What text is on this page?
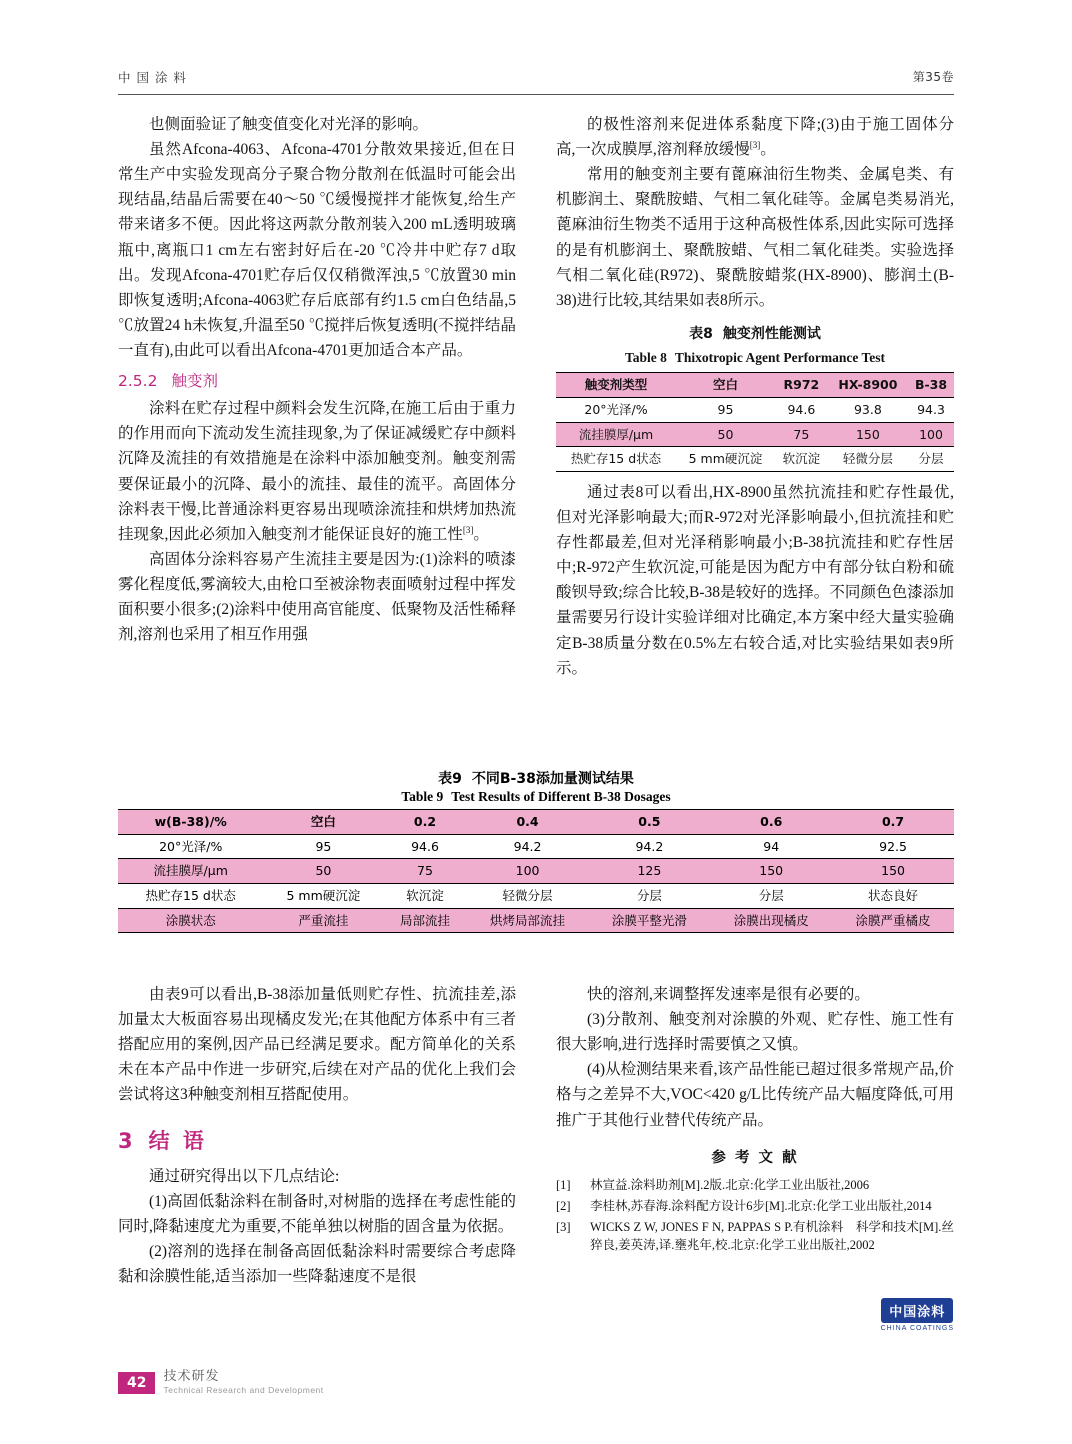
中 国 涂 料	第35卷

也侧面验证了触变值变化对光泽的影响。

虽然Afcona-4063、Afcona-4701分散效果接近,但在日常生产中实验发现高分子聚合物分散剂在低温时可能会出现结晶,结晶后需要在40～50 ℃缓慢搅拌才能恢复,给生产带来诸多不便。因此将这两款分散剂装入200 mL透明玻璃瓶中,离瓶口1 cm左右密封好后在-20 ℃冷井中贮存7 d取出。发现Afcona-4701贮存后仅仅稍微浑浊,5 ℃放置30 min即恢复透明;Afcona-4063贮存后底部有约1.5 cm白色结晶,5 ℃放置24 h未恢复,升温至50 ℃搅拌后恢复透明(不搅拌结晶一直有),由此可以看出Afcona-4701更加适合本产品。

2.5.2 触变剂

涂料在贮存过程中颜料会发生沉降,在施工后由于重力的作用而向下流动发生流挂现象,为了保证减缓贮存中颜料沉降及流挂的有效措施是在涂料中添加触变剂。触变剂需要保证最小的沉降、最小的流挂、最佳的流平。高固体分涂料表干慢,比普通涂料更容易出现喷涂流挂和烘烤加热流挂现象,因此必须加入触变剂才能保证良好的施工性[3]。

高固体分涂料容易产生流挂主要是因为:(1)涂料的喷漆雾化程度低,雾滴较大,由枪口至被涂物表面喷射过程中挥发面积要小很多;(2)涂料中使用高官能度、低聚物及活性稀释剂,溶剂也采用了相互作用强

的极性溶剂来促进体系黏度下降;(3)由于施工固体分高,一次成膜厚,溶剂释放缓慢[3]。

常用的触变剂主要有蓖麻油衍生物类、金属皂类、有机膨润土、聚酰胺蜡、气相二氧化硅等。金属皂类易消光,蓖麻油衍生物类不适用于这种高极性体系,因此实际可选择的是有机膨润土、聚酰胺蜡、气相二氧化硅类。实验选择气相二氧化硅(R972)、聚酰胺蜡浆(HX-8900)、膨润土(B-38)进行比较,其结果如表8所示。

表8 触变剂性能测试
Table 8 Thixotropic Agent Performance Test
触变剂类型	空白	R972	HX-8900	B-38
20°光泽/%	95	94.6	93.8	94.3
流挂膜厚/μm	50	75	150	100
热贮存15 d状态	5 mm硬沉淀	软沉淀	轻微分层	分层

通过表8可以看出,HX-8900虽然抗流挂和贮存性最优,但对光泽影响最大;而R-972对光泽影响最小,但抗流挂和贮存性都最差,但对光泽稍影响最小;B-38抗流挂和贮存性居中;R-972产生软沉淀,可能是因为配方中有部分钛白粉和硫酸钡导致;综合比较,B-38是较好的选择。不同颜色色漆添加量需要另行设计实验详细对比确定,本方案中经大量实验确定B-38质量分数在0.5%左右较合适,对比实验结果如表9所示。

表9 不同B-38添加量测试结果
Table 9 Test Results of Different B-38 Dosages
w(B-38)/%	空白	0.2	0.4	0.5	0.6	0.7
20°光泽/%	95	94.6	94.2	94.2	94	92.5
流挂膜厚/μm	50	75	100	125	150	150
热贮存15 d状态	5 mm硬沉淀	软沉淀	轻微分层	分层	分层	状态良好
涂膜状态	严重流挂	局部流挂	烘烤局部流挂	涂膜平整光滑	涂膜出现橘皮	涂膜严重橘皮

由表9可以看出,B-38添加量低则贮存性、抗流挂差,添加量太大板面容易出现橘皮发光;在其他配方体系中有三者搭配应用的案例,因产品已经满足要求。配方简单化的关系未在本产品中作进一步研究,后续在对产品的优化上我们会尝试将这3种触变剂相互搭配使用。

3 结 语

通过研究得出以下几点结论:

(1)高固低黏涂料在制备时,对树脂的选择在考虑性能的同时,降黏速度尤为重要,不能单独以树脂的固含量为依据。

(2)溶剂的选择在制备高固低黏涂料时需要综合考虑降黏和涂膜性能,适当添加一些降黏速度不是很

快的溶剂,来调整挥发速率是很有必要的。

(3)分散剂、触变剂对涂膜的外观、贮存性、施工性有很大影响,进行选择时需要慎之又慎。

(4)从检测结果来看,该产品性能已超过很多常规产品,价格与之差异不大,VOC<420 g/L比传统产品大幅度降低,可用推广于其他行业替代传统产品。

参 考 文 献
[1]	林宣益.涂料助剂[M].2版.北京:化学工业出版社,2006
[2]	李桂林,苏春海.涂料配方设计6步[M].北京:化学工业出版社,2014
[3]	WICKS Z W, JONES F N, PAPPAS S P.有机涂料　科学和技术[M].丝猝良,姜英涛,译.壅兆年,校.北京:化学工业出版社,2002
中国涂料
CHINA COATINGS
42	技术研发
Technical Research and Development
